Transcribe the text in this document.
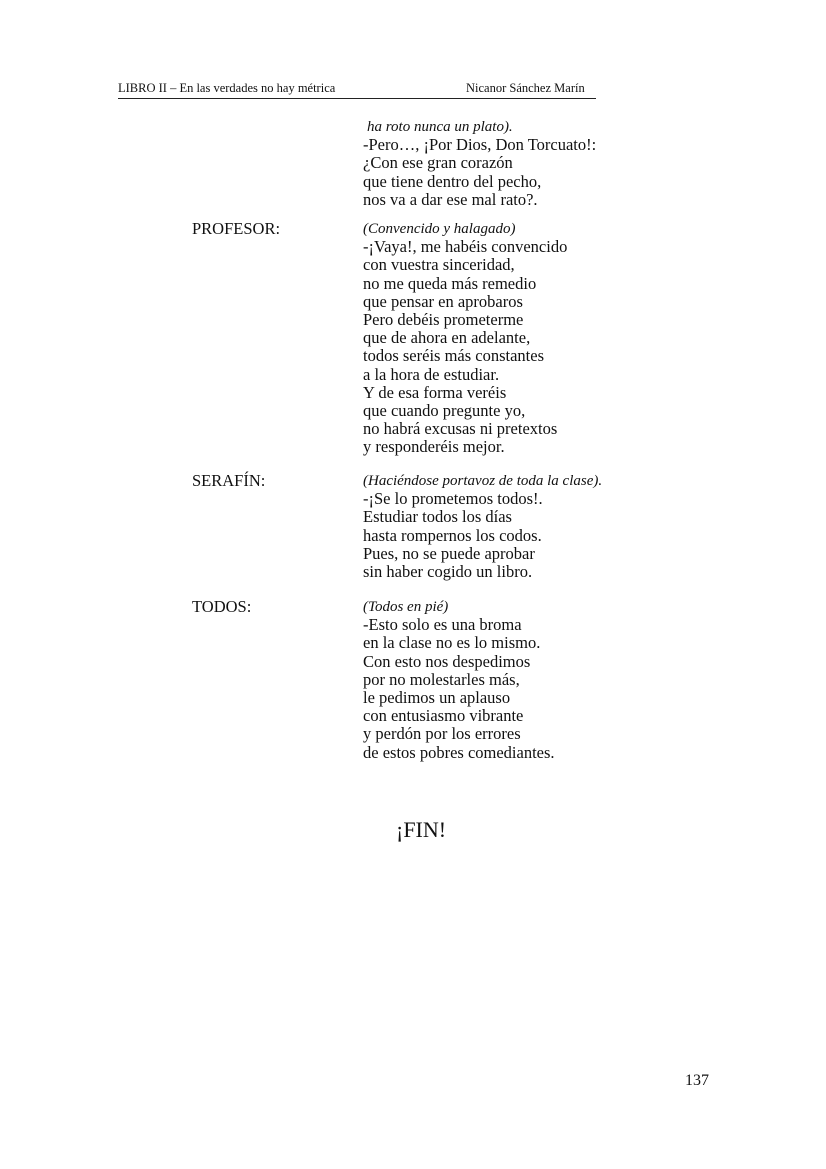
LIBRO II – En las verdades no hay métrica	Nicanor Sánchez Marín
ha roto nunca un plato).
-Pero…, ¡Por Dios, Don Torcuato!:
¿Con ese gran corazón
que tiene dentro del pecho,
nos va a dar ese mal rato?.
PROFESOR:	(Convencido y halagado)
-¡Vaya!, me habéis convencido
con vuestra sinceridad,
no me queda más remedio
que pensar en aprobaros
Pero debéis prometerme
que de ahora en adelante,
todos seréis más constantes
a la hora de estudiar.
Y de esa forma veréis
que cuando pregunte yo,
no habrá excusas ni pretextos
y responderéis mejor.
SERAFÍN:	(Haciéndose portavoz de toda la clase).
-¡Se lo prometemos todos!.
Estudiar todos los días
hasta rompernos los codos.
Pues, no se puede aprobar
sin haber cogido un libro.
TODOS:	(Todos en pié)
-Esto solo es una broma
en la clase no es lo mismo.
Con esto nos despedimos
por no molestarles más,
le pedimos un aplauso
con entusiasmo vibrante
y perdón por los errores
de estos pobres comediantes.
¡FIN!
137
